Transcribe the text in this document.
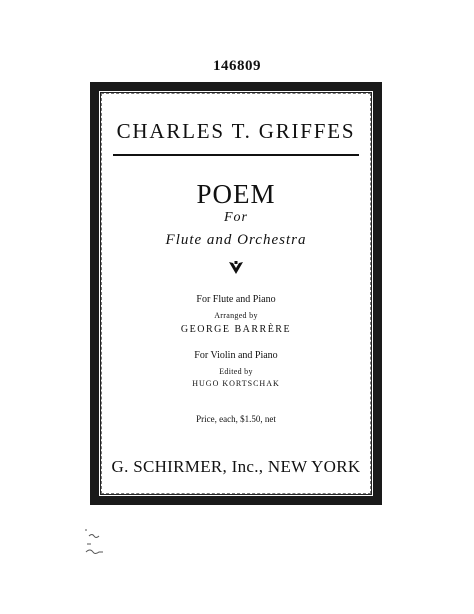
146809
CHARLES T. GRIFFES
POEM
For
Flute and Orchestra
For Flute and Piano
Arranged by
GEORGE BARRÈRE
For Violin and Piano
Edited by
HUGO KORTSCHAK
Price, each, $1.50, net
G. SCHIRMER, Inc., NEW YORK
